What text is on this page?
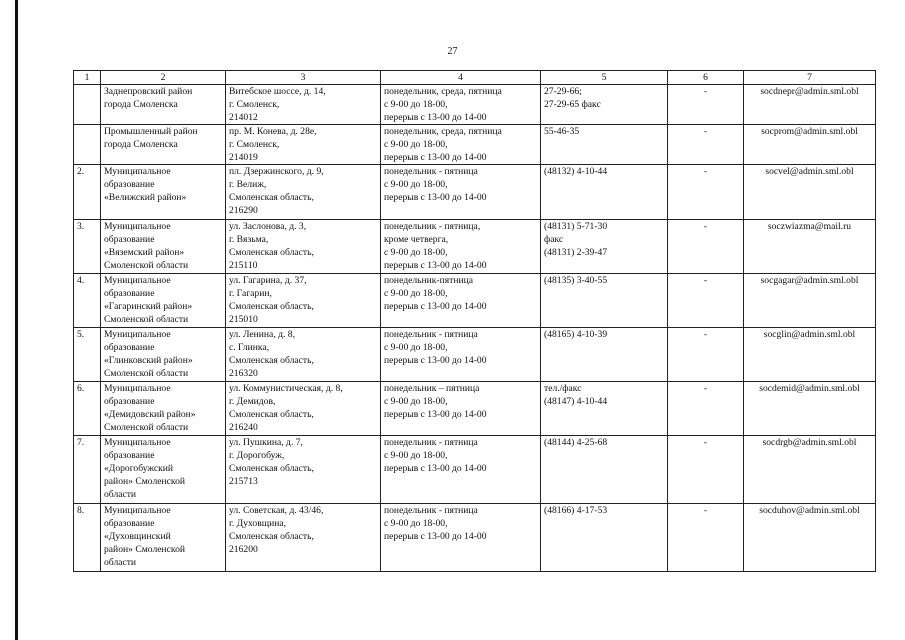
27
1	2	3	4	5	6	7

	Заднепровский район
города Смоленска	Витебское шоссе, д. 14,
г. Смоленск,
214012	понедельник, среда, пятница
с 9-00 до 18-00,
перерыв с 13-00 до 14-00	27-29-66;
27-29-65 факс	-	socdnepr@admin.sml.obl

	Промышленный район
города Смоленска	пр. М. Конева, д. 28е,
г. Смоленск,
214019	понедельник, среда, пятница
с 9-00 до 18-00,
перерыв с 13-00 до 14-00	55-46-35	-	socprom@admin.sml.obl
2.	Муниципальное
образование
«Велижский район»	пл. Дзержинского, д. 9,
г. Велиж,
Смоленская область,
216290	понедельник - пятница
с 9-00 до 18-00,
перерыв с 13-00 до 14-00	(48132) 4-10-44	-	socvel@admin.sml.obl
3.	Муниципальное
образование
«Вяземский район»
Смоленской области	ул. Заслонова, д. 3,
г. Вязьма,
Смоленская область,
215110	понедельник - пятница,
кроме четверга,
с 9-00 до 18-00,
перерыв с 13-00 до 14-00	(48131) 5-71-30
факс
(48131) 2-39-47	-	soczwiazma@mail.ru
4.	Муниципальное
образование
«Гагаринский район»
Смоленской области	ул. Гагарина, д. 37,
г. Гагарин,
Смоленская область,
215010	понедельник-пятница
с 9-00 до 18-00,
перерыв с 13-00 до 14-00	(48135) 3-40-55	-	socgagar@admin.sml.obl
5.	Муниципальное
образование
«Глинковский район»
Смоленской области	ул. Ленина, д. 8,
с. Глинка,
Смоленская область,
216320	понедельник - пятница
с 9-00 до 18-00,
перерыв с 13-00 до 14-00	(48165) 4-10-39	-	socglin@admin.sml.obl
6.	Муниципальное
образование
«Демидовский район»
Смоленской области	ул. Коммунистическая, д. 8,
г. Демидов,
Смоленская область,
216240	понедельник – пятница
с 9-00 до 18-00,
перерыв с 13-00 до 14-00	тел./факс
(48147) 4-10-44	-	socdemid@admin.sml.obl
7.	Муниципальное
образование
«Дорогобужский
район» Смоленской
области	ул. Пушкина, д. 7,
г. Дорогобуж,
Смоленская область,
215713	понедельник - пятница
с 9-00 до 18-00,
перерыв с 13-00 до 14-00	(48144) 4-25-68	-	socdrgb@admin.sml.obl
8.	Муниципальное
образование
«Духовщинский
район» Смоленской
области	ул. Советская, д. 43/46,
г. Духовщина,
Смоленская область,
216200	понедельник - пятница
с 9-00 до 18-00,
перерыв с 13-00 до 14-00	(48166) 4-17-53	-	socduhov@admin.sml.obl
